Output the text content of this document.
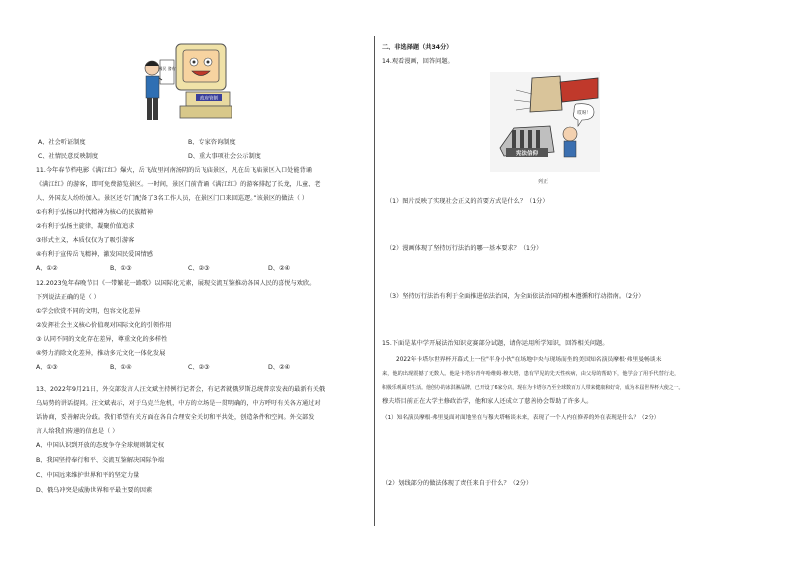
政府管制
國民 發布
A、社会听证制度	B、专家咨询制度
C、社情民意反映制度	D、重大事项社会公示制度
11.今年春节档电影《满江红》爆火，岳飞故里河南汤阴的岳飞庙景区，凡在岳飞庙景区入口处能背诵
《满江红》的游客，即可免费游览景区。一时间，景区门前背诵《满江红》的游客排起了长龙，儿童、老
人、外国友人纷纷加入。景区还专门配备了3名工作人员，在景区门口来回巡逻。”该景区的做法（ ）
①有利于弘扬以时代精神为核心的民族精神
②有利于弘扬主旋律，凝聚价值追求
③形式主义，本质仅仅为了吸引游客
④有利于宣传岳飞精神，激发国民爱国情感
A、①②	B、①③	C、②③	D、②④
12.2023兔年春晚节目《一带繁花一路歌》以国际化元素，展现交流互鉴推动各国人民的喜悦与欢欣。
下列说法正确的是（ ）
①学会欣赏不同的文明，包容文化差异
②发挥社会主义核心价值观对国际文化的引领作用
③ 认同不同的文化存在差异，尊重文化的多样性
④努力消除文化差异，推动多元文化一体化发展
A、①③	B、①④	C、②③	D、②④
13、2022年9月21日，外交部发言人汪文斌主持例行记者会，有记者就俄罗斯总统普京发表的最新有关俄
乌局势的讲话提问。汪文斌表示，对于乌克兰危机，中方的立场是一贯明确的，中方呼吁有关各方通过对
话协商，妥善解决分歧。我们希望有关方面在各自合理安全关切和平共处，创造条件和空间。外交部发
言人给我们传递的信息是（ ）
A、中国认识到开放的态度争夺全球规则制定权
B、我国坚持奉行和平、交流互鉴解决国际争端
C、中国远来维护世界和平的坚定力量
D、俄乌冲突是威胁世界和平最主要的因素
二、非选择题（共34分）
14.观看漫画，回答问题。
宪法信仰
哎呀！
列正
（1）图片反映了实现社会正义的首要方式是什么？（1分）
（2）漫画体现了坚持厉行法治的哪一基本要求？（1分）
（3）坚持厉行法治有利于全面推进依法治国，为全面依法治国的根本遵循和行动指南。（2分）
15.下面是某中学开展法治知识竞赛部分试题，请你运用所学知识，回答相关问题。
2022年卡塔尔世界杯开幕式上一位"半身小伙"在场地中央与现场而坐的美国知名演员摩根·弗里曼畅谈未
来，他的出现震撼了无数人。他是卡塔尔青年哈维姆·穆夫塔，患有罕见的先天性疾病，由父母的帮助下，他学会了用手代替行走，
积极乐观面对生活。他创办的冰淇淋品牌，已开设了6家分店，现在为卡塔尔乃至全球数百万人带来健康和好奇，成为本届世界杯大使之一。
穆夫塔目前正在大学主修政治学，他和家人还成立了慈善协会帮助了许多人。
（1）知名演员摩根·弗里曼面对面地坐在与穆夫塔畅谈未来，表现了一个人内在修养的外在表现是什么？（2分）
（2）划线部分的做法体现了责任来自于什么？（2分）
